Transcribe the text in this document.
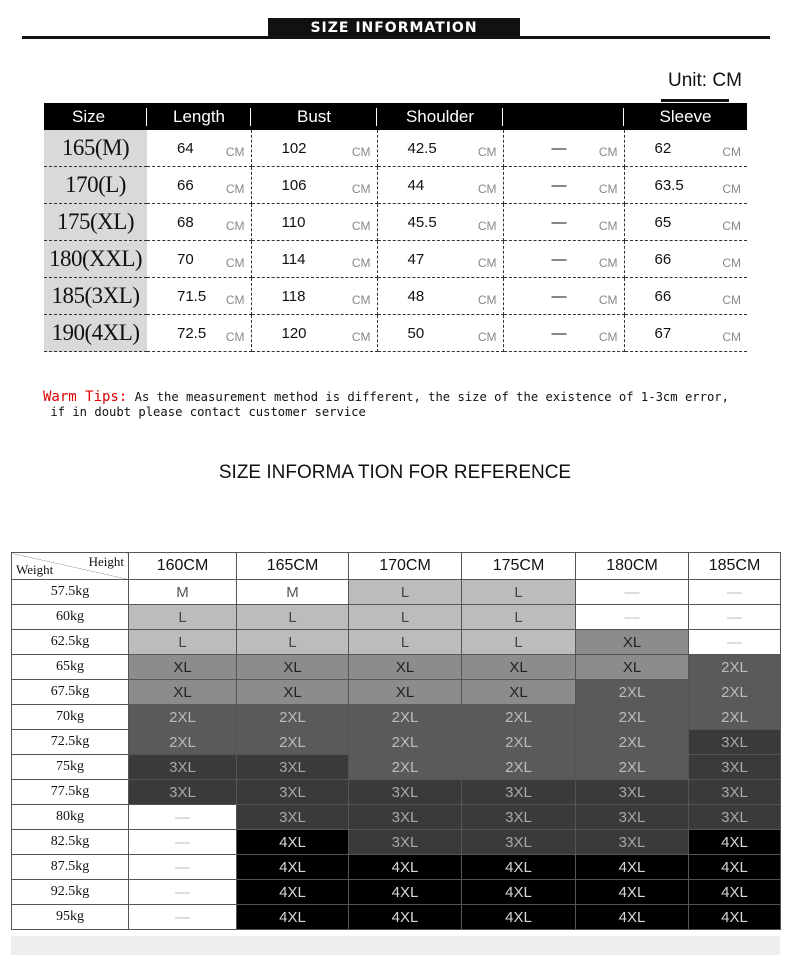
SIZE INFORMATION
Unit: CM
Size	Length	Bust	Shoulder		Sleeve
165(M)	64 CM	102 CM	42.5 CM	— CM	62 CM

170(L)	66 CM	106 CM	44 CM	— CM	63.5 CM

175(XL)	68 CM	110 CM	45.5 CM	— CM	65 CM

180(XXL)	70 CM	114 CM	47 CM	— CM	66 CM

185(3XL)	71.5 CM	118 CM	48 CM	— CM	66 CM

190(4XL)	72.5 CM	120 CM	50 CM	— CM	67 CM
Warm Tips: As the measurement method is different, the size of the existence of 1-3cm error,
if in doubt please contact customer service
SIZE INFORMA TION FOR REFERENCE
Height
Weight	160CM	165CM	170CM	175CM	180CM	185CM
57.5kg	M	M	L	L	—	—
60kg	L	L	L	L	—	—
62.5kg	L	L	L	L	XL	—
65kg	XL	XL	XL	XL	XL	2XL
67.5kg	XL	XL	XL	XL	2XL	2XL
70kg	2XL	2XL	2XL	2XL	2XL	2XL
72.5kg	2XL	2XL	2XL	2XL	2XL	3XL
75kg	3XL	3XL	2XL	2XL	2XL	3XL
77.5kg	3XL	3XL	3XL	3XL	3XL	3XL
80kg	—	3XL	3XL	3XL	3XL	3XL
82.5kg	—	4XL	3XL	3XL	3XL	4XL
87.5kg	—	4XL	4XL	4XL	4XL	4XL
92.5kg	—	4XL	4XL	4XL	4XL	4XL
95kg	—	4XL	4XL	4XL	4XL	4XL
